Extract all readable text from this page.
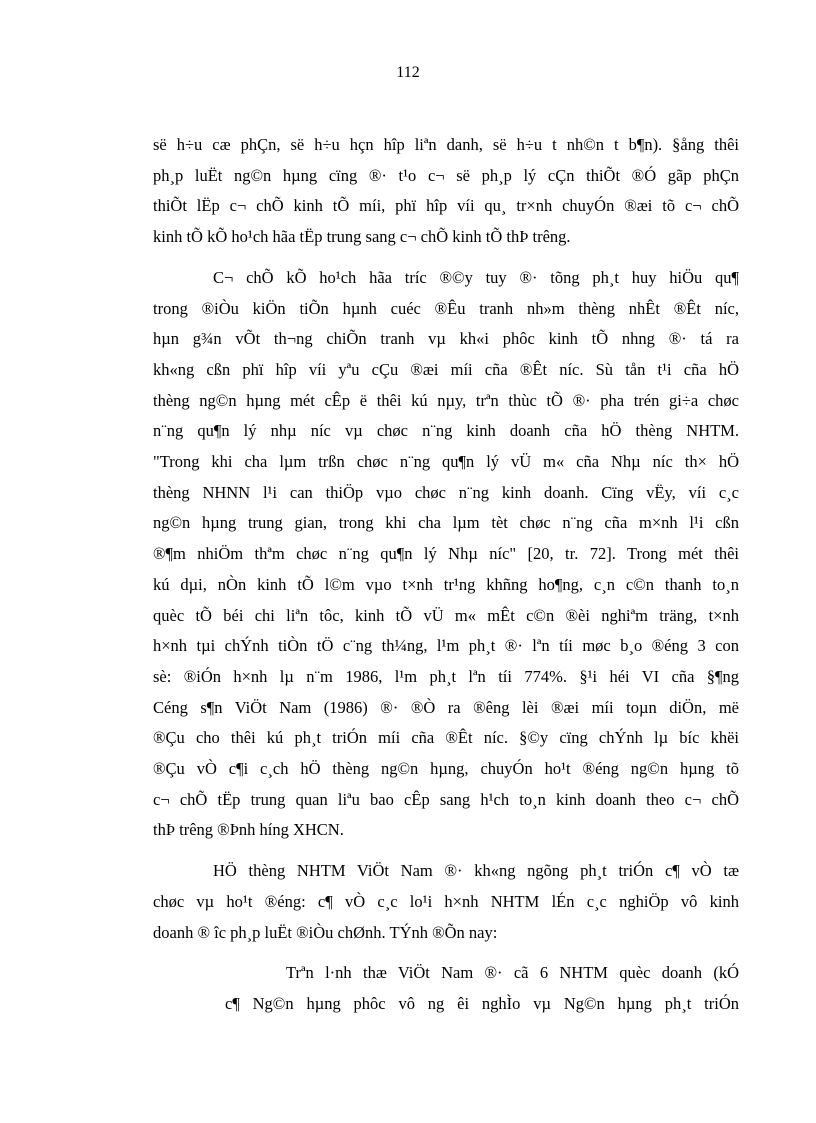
112
së h÷u cæ phÇn, së h÷u hçn hîp liªn danh, së h÷u t nh©n t b¶n). §ång thêi
ph¸p luËt ng©n hµng cïng ®· t¹o c¬ së ph¸p lý cÇn thiÕt ®Ó gãp phÇn
thiÕt lËp c¬ chÕ kinh tÕ míi, phï hîp víi qu¸ tr×nh chuyÓn ®æi tõ c¬ chÕ
kinh tÕ kÕ ho¹ch hãa tËp trung sang c¬ chÕ kinh tÕ thÞ trêng.
C¬ chÕ kÕ ho¹ch hãa tríc ®©y tuy ®· tõng ph¸t huy hiÖu qu¶
trong ®iÒu kiÖn tiÕn hµnh cuéc ®Êu tranh nh»m thèng nhÊt ®Êt níc,
hµn g¾n vÕt th¬ng chiÕn tranh vµ kh«i phôc kinh tÕ nhng ®· tá ra
kh«ng cßn phï hîp víi yªu cÇu ®æi míi cña ®Êt níc. Sù tån t¹i cña hÖ
thèng ng©n hµng mét cÊp ë thêi kú nµy, trªn thùc tÕ ®· pha trén gi÷a chøc
n¨ng qu¶n lý nhµ níc vµ chøc n¨ng kinh doanh cña hÖ thèng NHTM.
"Trong khi cha lµm trßn chøc n¨ng qu¶n lý vÜ m« cña Nhµ níc th× hÖ
thèng NHNN l¹i can thiÖp vµo chøc n¨ng kinh doanh. Cïng vËy, víi c¸c
ng©n hµng trung gian, trong khi cha lµm tèt chøc n¨ng cña m×nh l¹i cßn
®¶m nhiÖm thªm chøc n¨ng qu¶n lý Nhµ níc" [20, tr. 72]. Trong mét thêi
kú dµi, nÒn kinh tÕ l©m vµo t×nh tr¹ng khñng ho¶ng, c¸n c©n thanh to¸n
quèc tÕ béi chi liªn tôc, kinh tÕ vÜ m« mÊt c©n ®èi nghiªm träng, t×nh
h×nh tµi chÝnh tiÒn tÖ c¨ng th¼ng, l¹m ph¸t ®· lªn tíi møc b¸o ®éng 3 con
sè: ®iÓn h×nh lµ n¨m 1986, l¹m ph¸t lªn tíi 774%. §¹i héi VI cña §¶ng
Céng s¶n ViÖt Nam (1986) ®· ®Ò ra ®êng lèi ®æi míi toµn diÖn, më
®Çu cho thêi kú ph¸t triÓn míi cña ®Êt níc. §©y cïng chÝnh lµ bíc khëi
®Çu vÒ c¶i c¸ch hÖ thèng ng©n hµng, chuyÓn ho¹t ®éng ng©n hµng tõ
c¬ chÕ tËp trung quan liªu bao cÊp sang h¹ch to¸n kinh doanh theo c¬ chÕ
thÞ trêng ®Þnh híng XHCN.
HÖ thèng NHTM ViÖt Nam ®· kh«ng ngõng ph¸t triÓn c¶ vÒ tæ
chøc vµ ho¹t ®éng: c¶ vÒ c¸c lo¹i h×nh NHTM lÉn c¸c nghiÖp vô kinh
doanh ® îc ph¸p luËt ®iÒu chØnh. TÝnh ®Õn nay:
Trªn l·nh thæ ViÖt Nam ®· cã 6 NHTM quèc doanh (kÓ
c¶ Ng©n hµng phôc vô ng êi nghÌo vµ Ng©n hµng ph¸t triÓn
